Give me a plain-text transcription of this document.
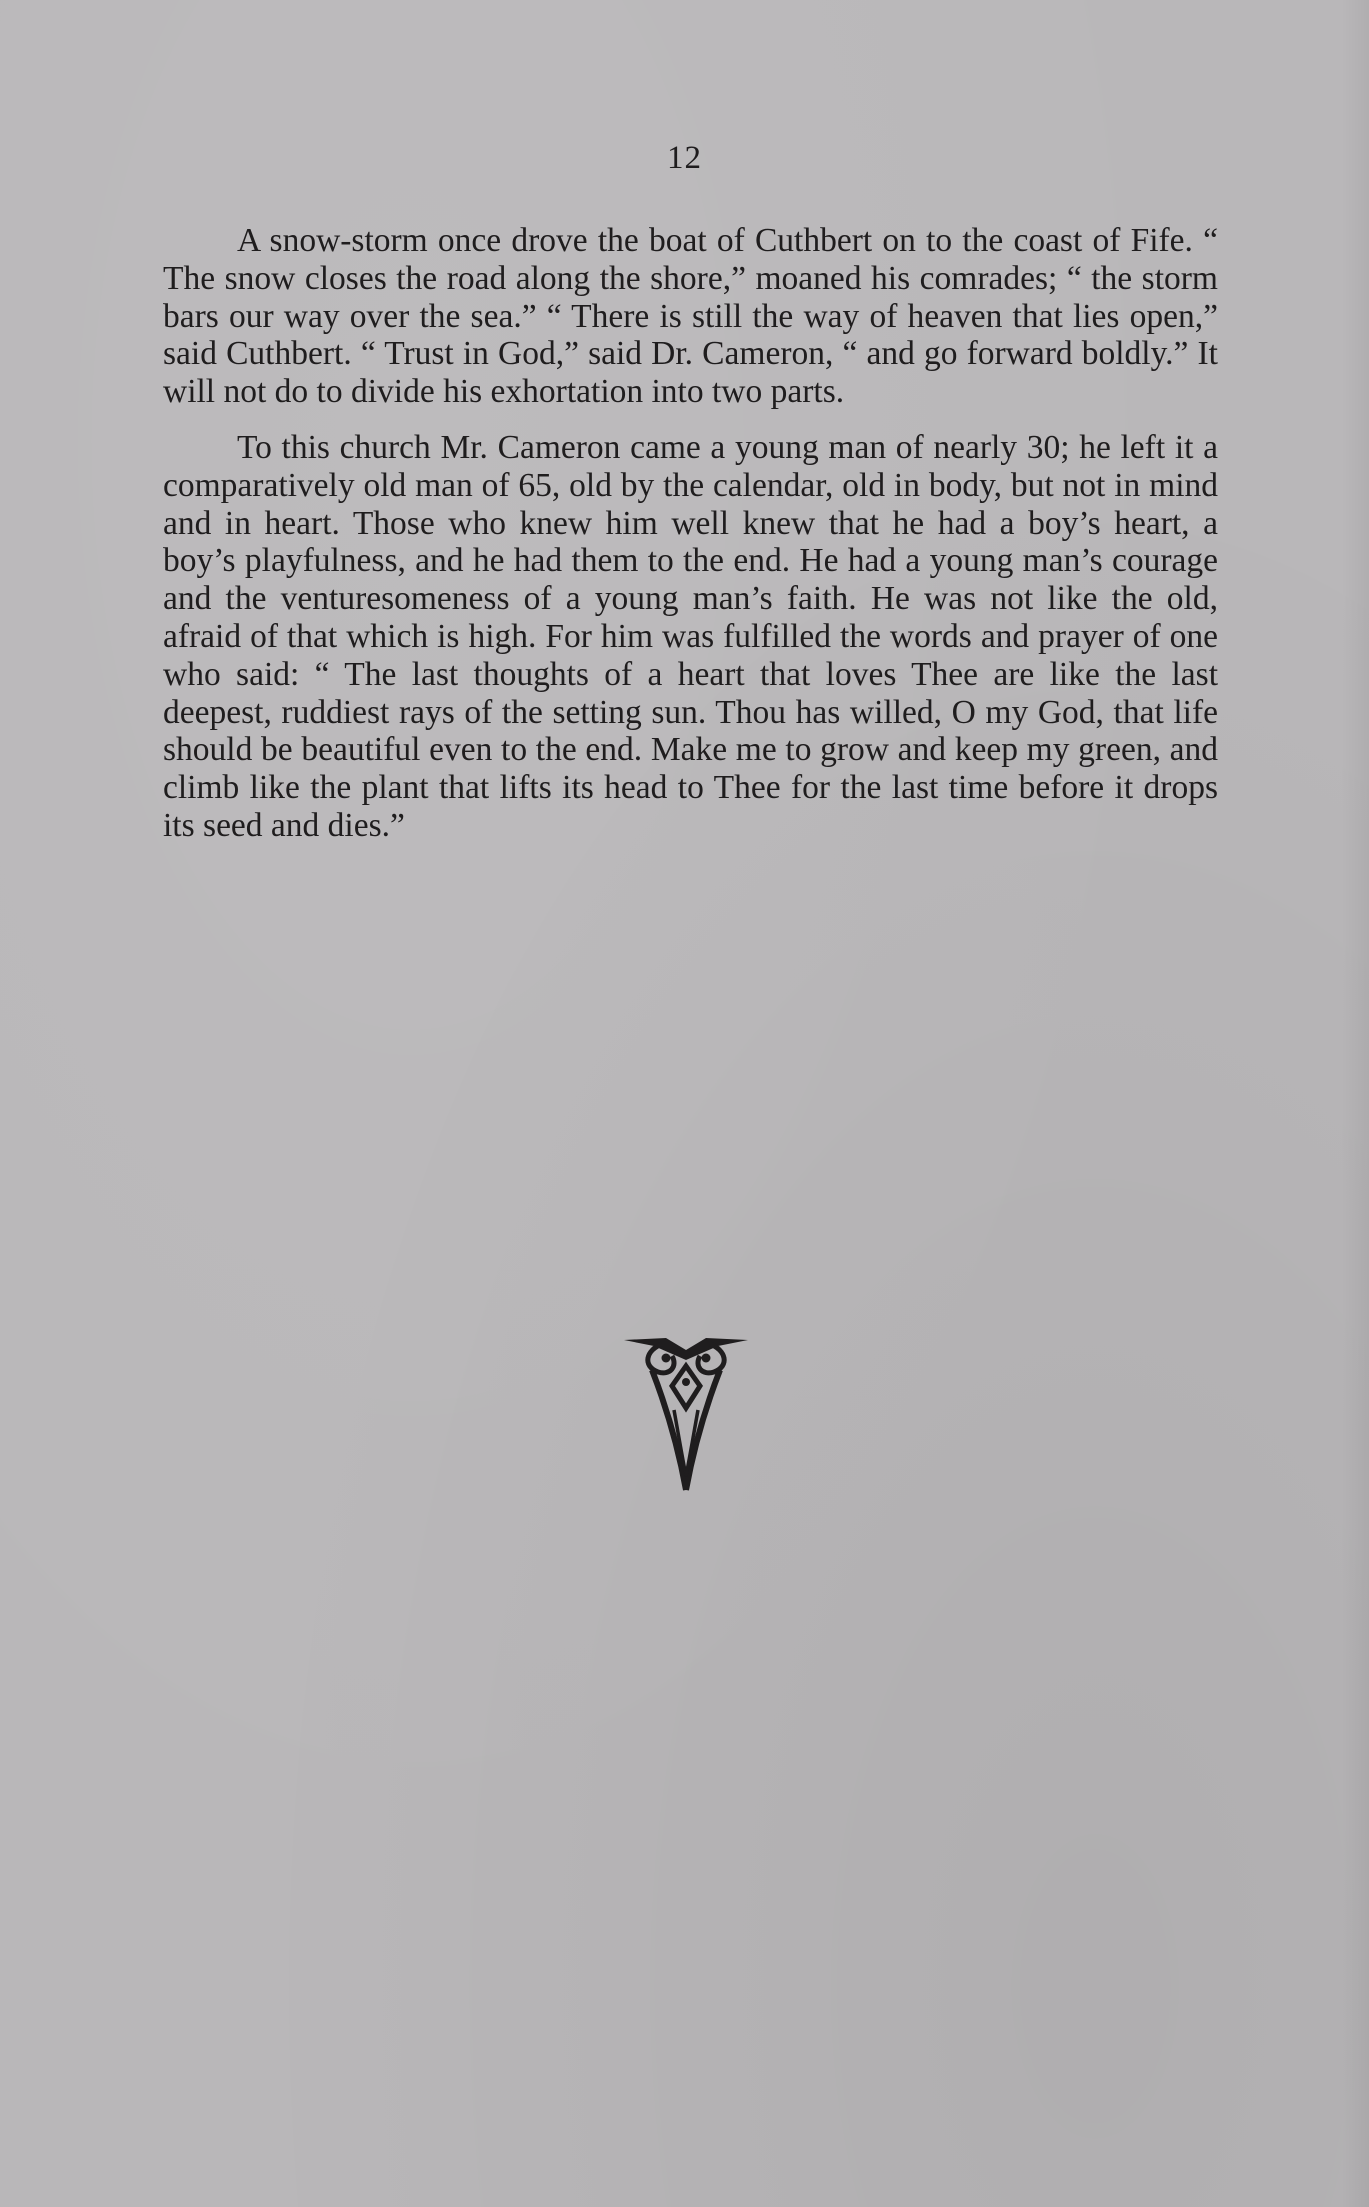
12

A snow-storm once drove the boat of Cuthbert on to the coast of Fife. “ The snow closes the road along the shore,” moaned his comrades; “ the storm bars our way over the sea.” “ There is still the way of heaven that lies open,” said Cuthbert. “ Trust in God,” said Dr. Cameron, “ and go forward boldly.” It will not do to divide his exhortation into two parts.

To this church Mr. Cameron came a young man of nearly 30; he left it a comparatively old man of 65, old by the calendar, old in body, but not in mind and in heart. Those who knew him well knew that he had a boy’s heart, a boy’s playfulness, and he had them to the end. He had a young man’s courage and the venturesomeness of a young man’s faith. He was not like the old, afraid of that which is high. For him was fulfilled the words and prayer of one who said: “ The last thoughts of a heart that loves Thee are like the last deepest, ruddiest rays of the setting sun. Thou has willed, O my God, that life should be beautiful even to the end. Make me to grow and keep my green, and climb like the plant that lifts its head to Thee for the last time before it drops its seed and dies.”
